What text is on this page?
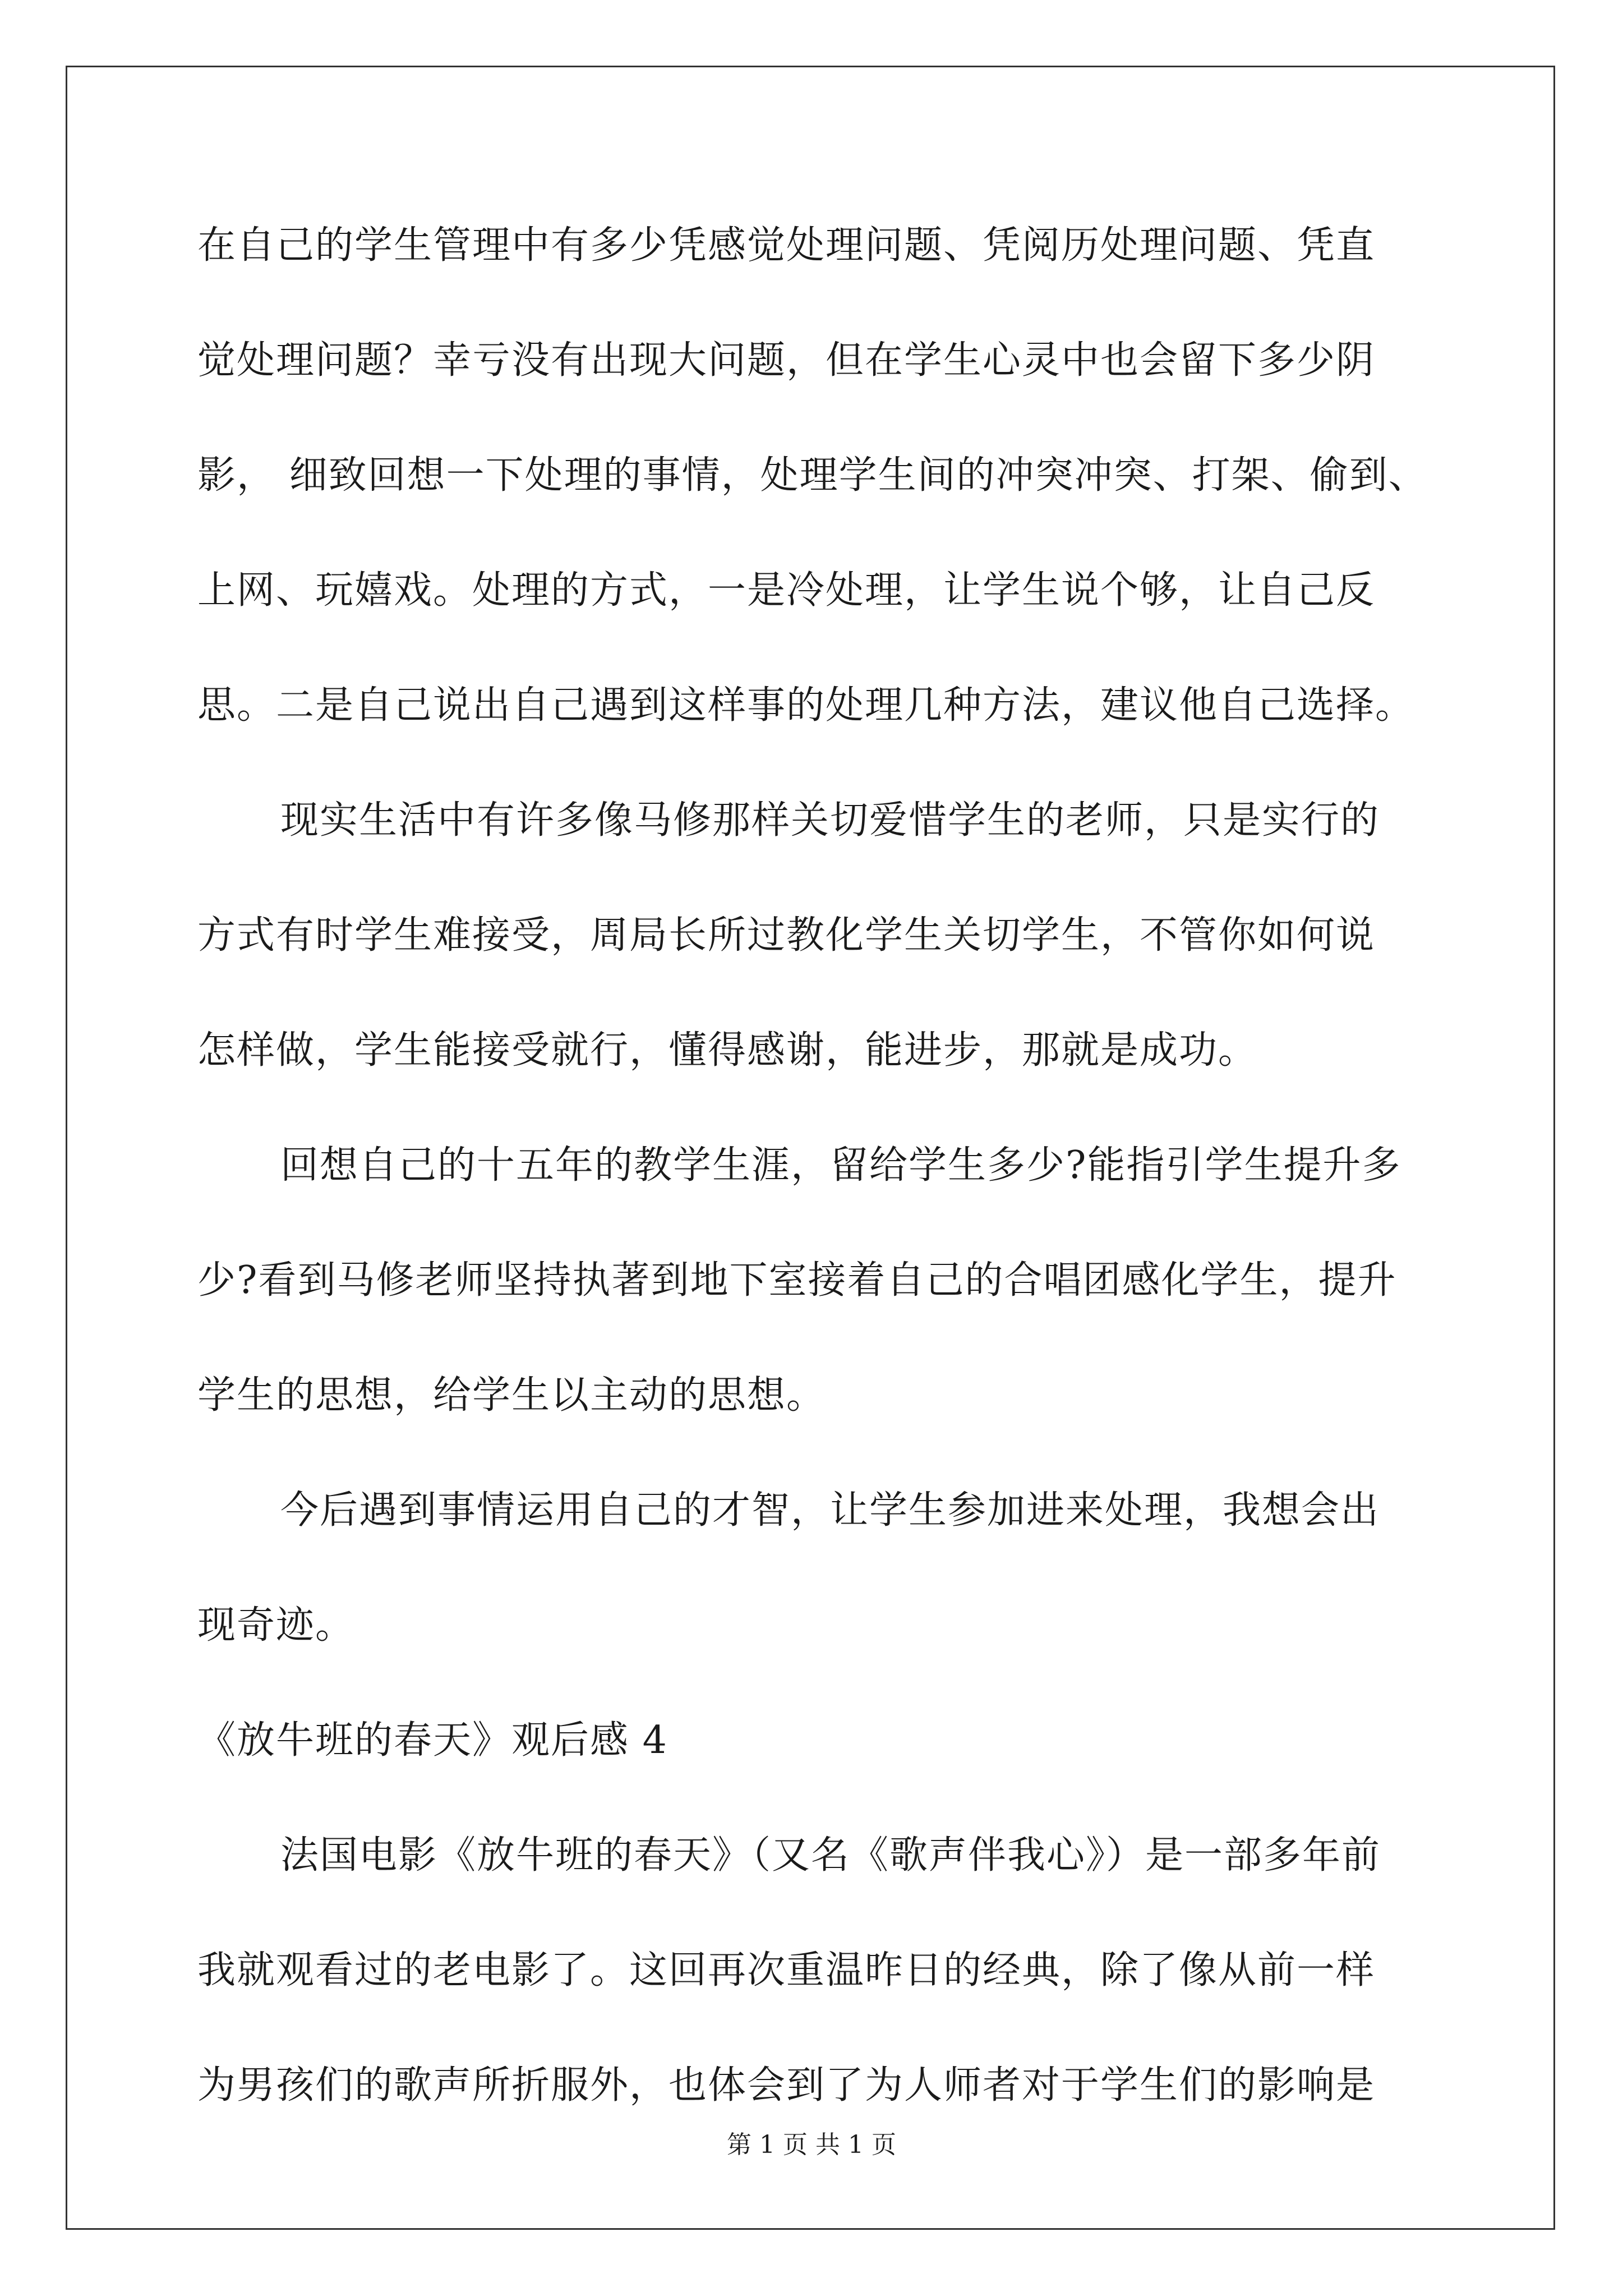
在自己的学生管理中有多少凭感觉处理问题、凭阅历处理问题、凭直
觉处理问题？幸亏没有出现大问题，但在学生心灵中也会留下多少阴
影， 细致回想一下处理的事情，处理学生间的冲突冲突、打架、偷到、
上网、玩嬉戏。处理的方式，一是冷处理，让学生说个够，让自己反
思。二是自己说出自己遇到这样事的处理几种方法，建议他自己选择。
现实生活中有许多像马修那样关切爱惜学生的老师，只是实行的
方式有时学生难接受，周局长所过教化学生关切学生，不管你如何说
怎样做，学生能接受就行，懂得感谢，能进步，那就是成功。
回想自己的十五年的教学生涯，留给学生多少?能指引学生提升多
少?看到马修老师坚持执著到地下室接着自己的合唱团感化学生，提升
学生的思想，给学生以主动的思想。
今后遇到事情运用自己的才智，让学生参加进来处理，我想会出
现奇迹。
《放牛班的春天》观后感 4
法国电影《放牛班的春天》（又名《歌声伴我心》）是一部多年前
我就观看过的老电影了。这回再次重温昨日的经典，除了像从前一样
为男孩们的歌声所折服外，也体会到了为人师者对于学生们的影响是
第 1 页 共 1 页
